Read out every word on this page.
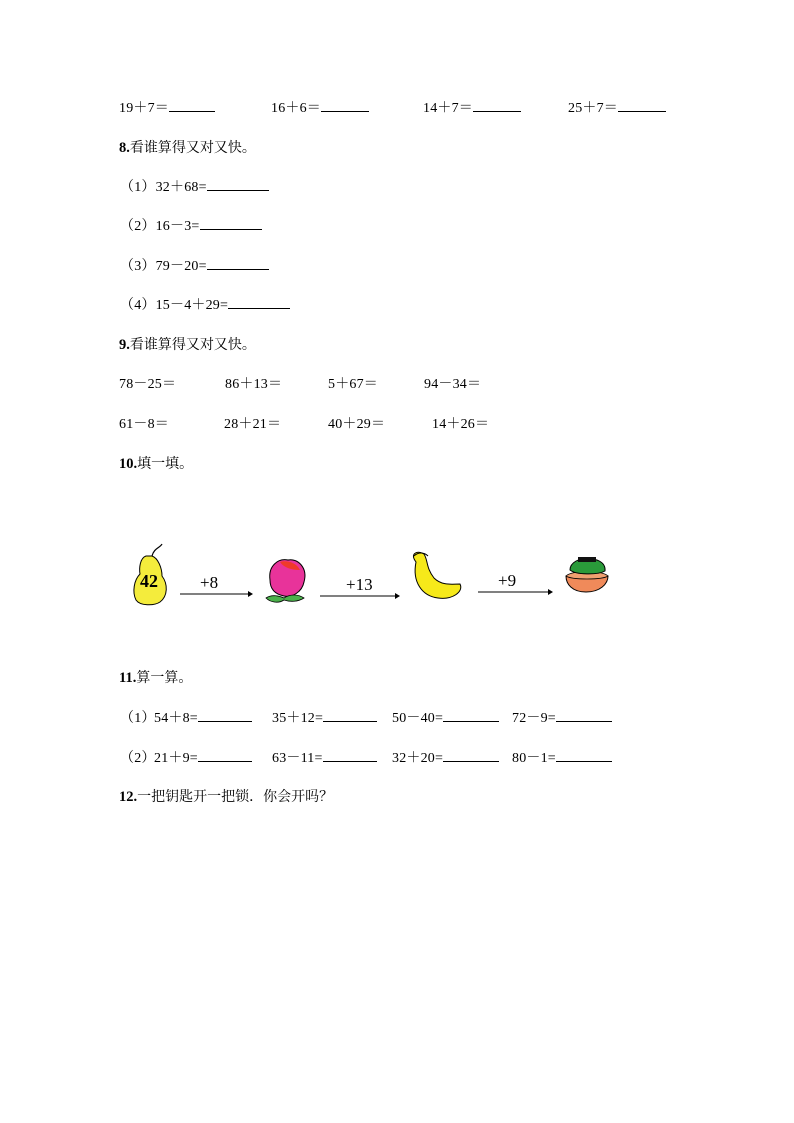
19＋7＝	16＋6＝	14＋7＝	25＋7＝
8.看谁算得又对又快。
（1）32＋68=
（2）16－3=
（3）79－20=
（4）15－4＋29=
9.看谁算得又对又快。
78－25＝	86＋13＝	5＋67＝	94－34＝
61－8＝	28＋21＝	40＋29＝	14＋26＝
10.填一填。
42 +8	+13	+9
11.算一算。
（1）
54＋8=	35＋12=	50－40=	72－9=
（2）
21＋9=	63－11=	32＋20=	80－1=
12.一把钥匙开一把锁．你会开吗？
